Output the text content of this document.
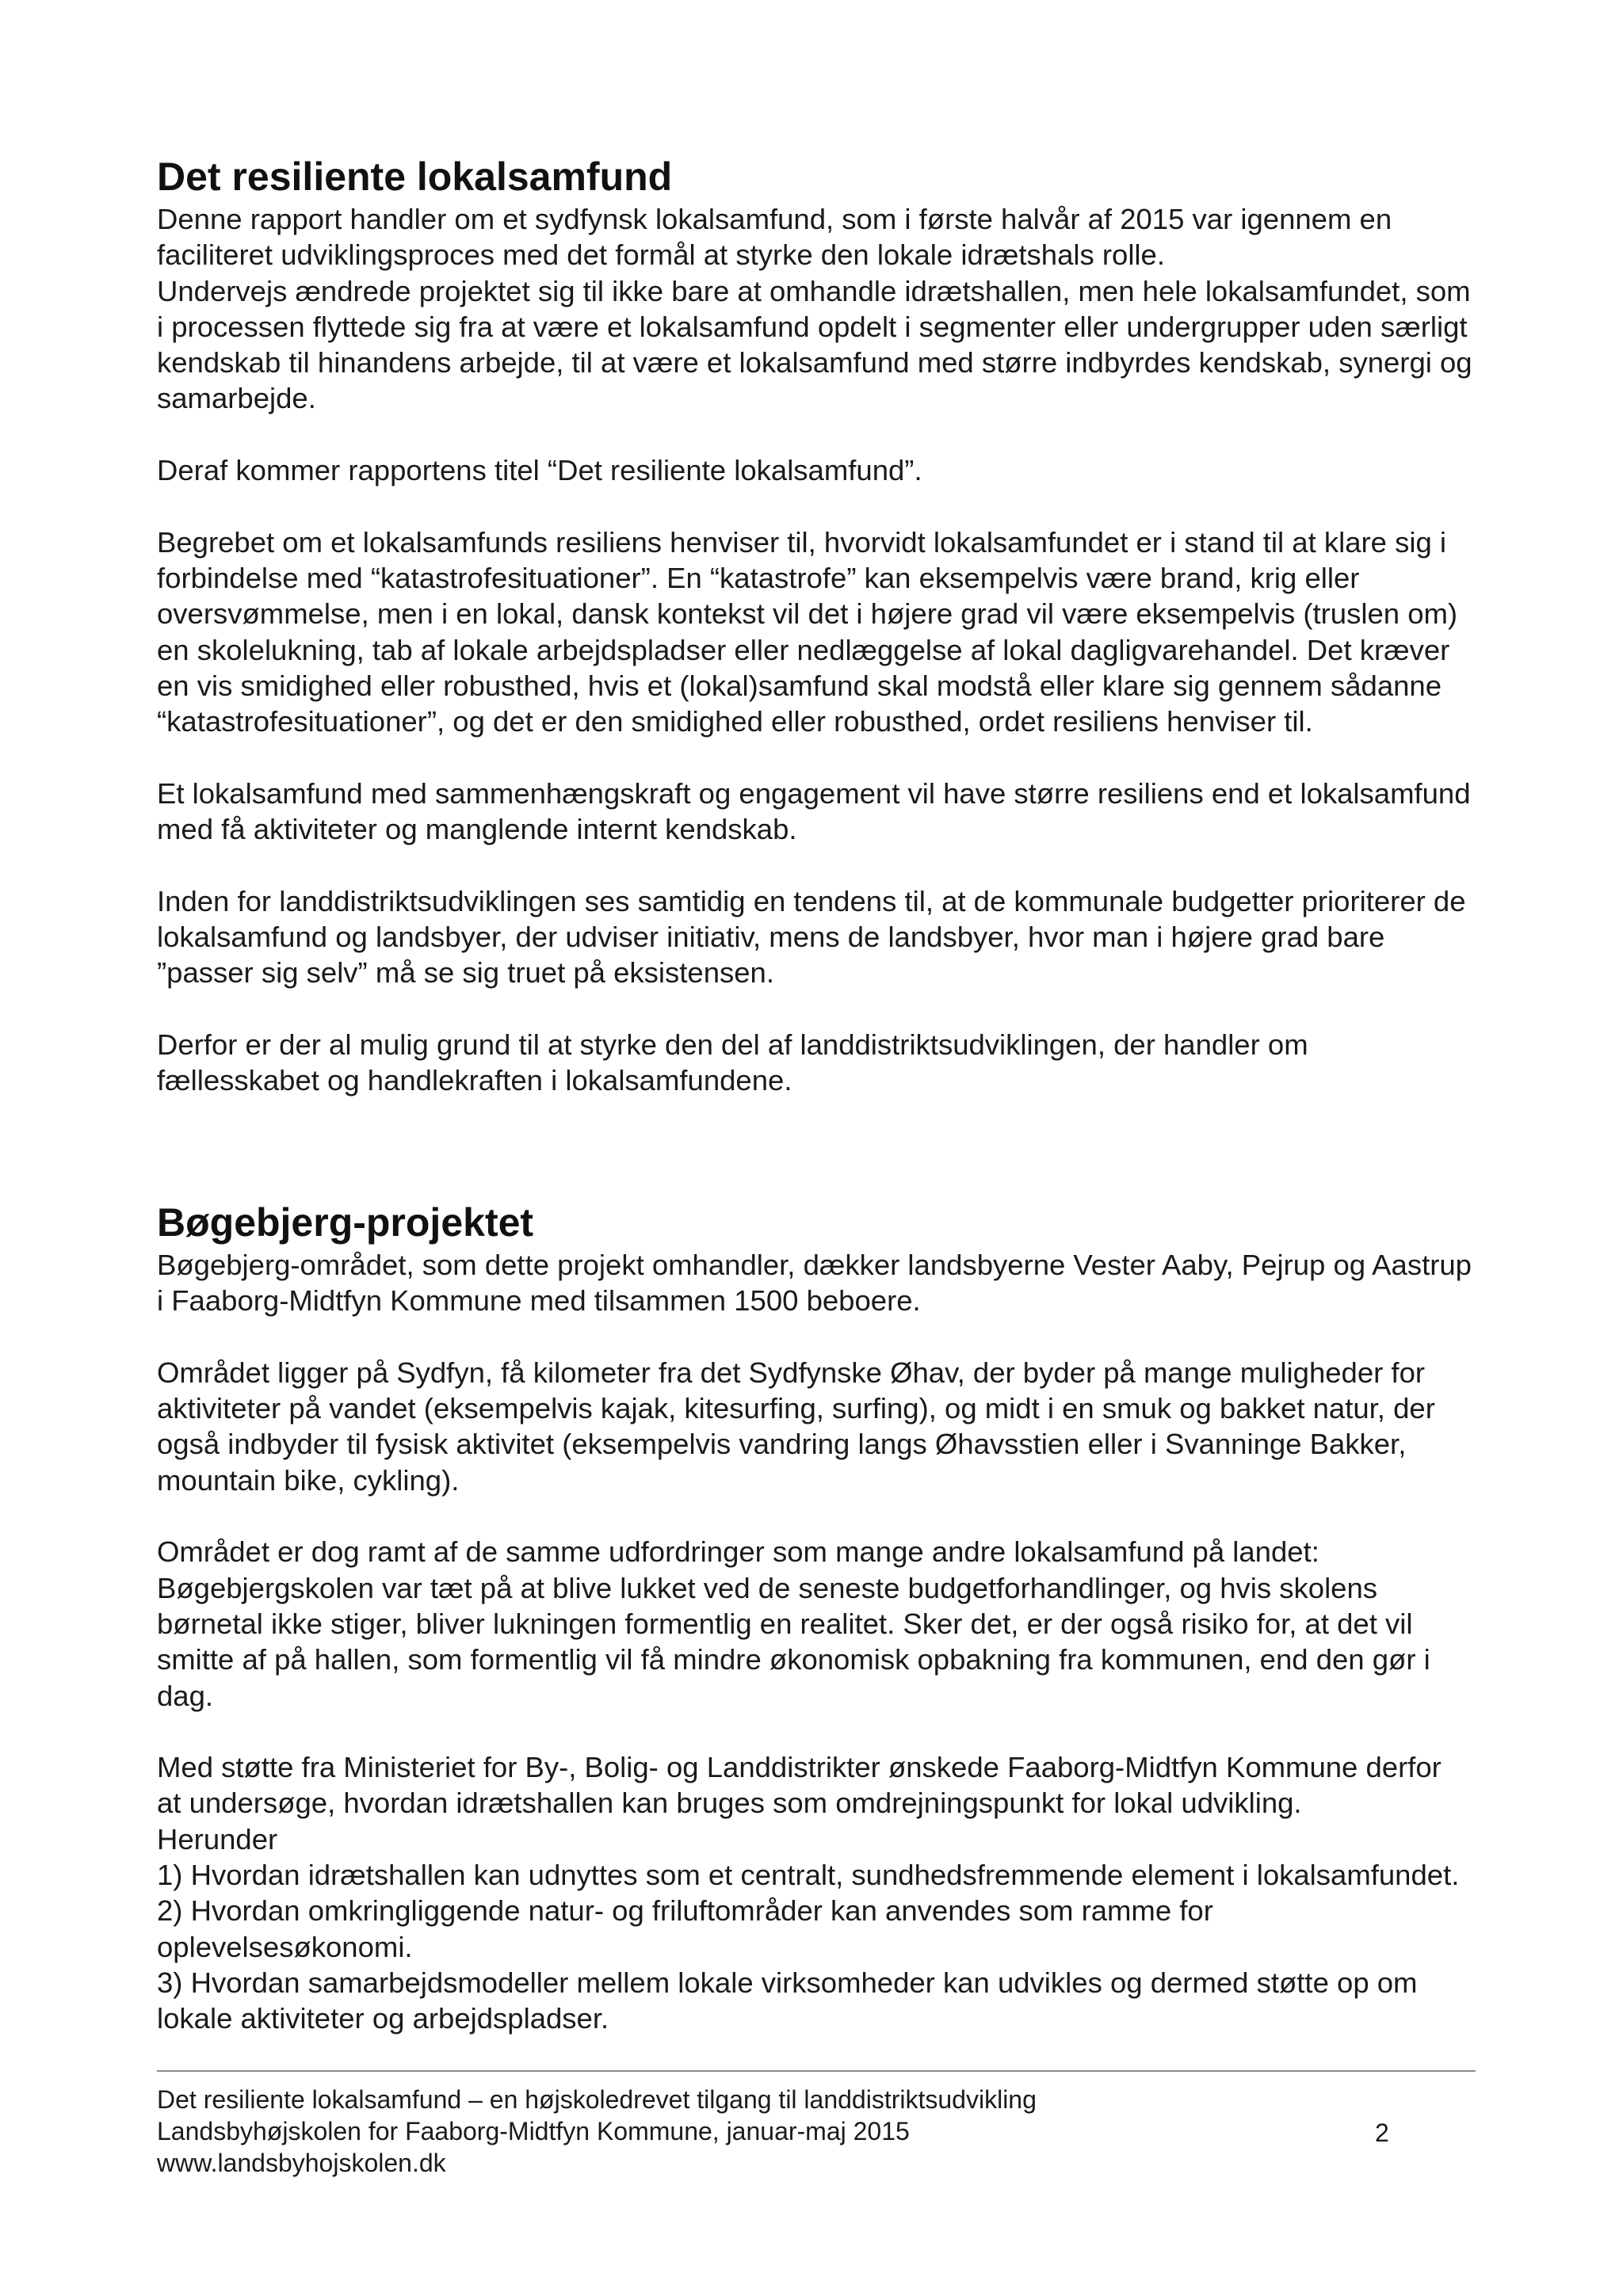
Det resiliente lokalsamfund

Denne rapport handler om et sydfynsk lokalsamfund, som i første halvår af 2015 var igennem en faciliteret udviklingsproces med det formål at styrke den lokale idrætshals rolle.

Undervejs ændrede projektet sig til ikke bare at omhandle idrætshallen, men hele lokalsamfundet, som i processen flyttede sig fra at være et lokalsamfund opdelt i segmenter eller undergrupper uden særligt kendskab til hinandens arbejde, til at være et lokalsamfund med større indbyrdes kendskab, synergi og samarbejde.

Deraf kommer rapportens titel “Det resiliente lokalsamfund”.

Begrebet om et lokalsamfunds resiliens henviser til, hvorvidt lokalsamfundet er i stand til at klare sig i forbindelse med “katastrofesituationer”. En “katastrofe” kan eksempelvis være brand, krig eller oversvømmelse, men i en lokal, dansk kontekst vil det i højere grad vil være eksempelvis (truslen om) en skolelukning, tab af lokale arbejdspladser eller nedlæggelse af lokal dagligvarehandel. Det kræver en vis smidighed eller robusthed, hvis et (lokal)samfund skal modstå eller klare sig gennem sådanne “katastrofesituationer”, og det er den smidighed eller robusthed, ordet resiliens henviser til.

Et lokalsamfund med sammenhængskraft og engagement vil have større resiliens end et lokalsamfund med få aktiviteter og manglende internt kendskab.

Inden for landdistriktsudviklingen ses samtidig en tendens til, at de kommunale budgetter prioriterer de lokalsamfund og landsbyer, der udviser initiativ, mens de landsbyer, hvor man i højere grad bare ”passer sig selv” må se sig truet på eksistensen.

Derfor er der al mulig grund til at styrke den del af landdistriktsudviklingen, der handler om fællesskabet og handlekraften i lokalsamfundene.

Bøgebjerg-projektet

Bøgebjerg-området, som dette projekt omhandler, dækker landsbyerne Vester Aaby, Pejrup og Aastrup i Faaborg-Midtfyn Kommune med tilsammen 1500 beboere.

Området ligger på Sydfyn, få kilometer fra det Sydfynske Øhav, der byder på mange muligheder for aktiviteter på vandet (eksempelvis kajak, kitesurfing, surfing), og midt i en smuk og bakket natur, der også indbyder til fysisk aktivitet (eksempelvis vandring langs Øhavsstien eller i Svanninge Bakker, mountain bike, cykling).

Området er dog ramt af de samme udfordringer som mange andre lokalsamfund på landet: Bøgebjergskolen var tæt på at blive lukket ved de seneste budgetforhandlinger, og hvis skolens børnetal ikke stiger, bliver lukningen formentlig en realitet. Sker det, er der også risiko for, at det vil smitte af på hallen, som formentlig vil få mindre økonomisk opbakning fra kommunen, end den gør i dag.

Med støtte fra Ministeriet for By-, Bolig- og Landdistrikter ønskede Faaborg-Midtfyn Kommune derfor at undersøge, hvordan idrætshallen kan bruges som omdrejningspunkt for lokal udvikling.

Herunder

1) Hvordan idrætshallen kan udnyttes som et centralt, sundhedsfremmende element i lokalsamfundet.

2) Hvordan omkringliggende natur- og friluftområder kan anvendes som ramme for oplevelsesøkonomi.

3) Hvordan samarbejdsmodeller mellem lokale virksomheder kan udvikles og dermed støtte op om lokale aktiviteter og arbejdspladser.

Det resiliente lokalsamfund – en højskoledrevet tilgang til landdistriktsudvikling
Landsbyhøjskolen for Faaborg-Midtfyn Kommune, januar-maj 2015
www.landsbyhojskolen.dk
2
